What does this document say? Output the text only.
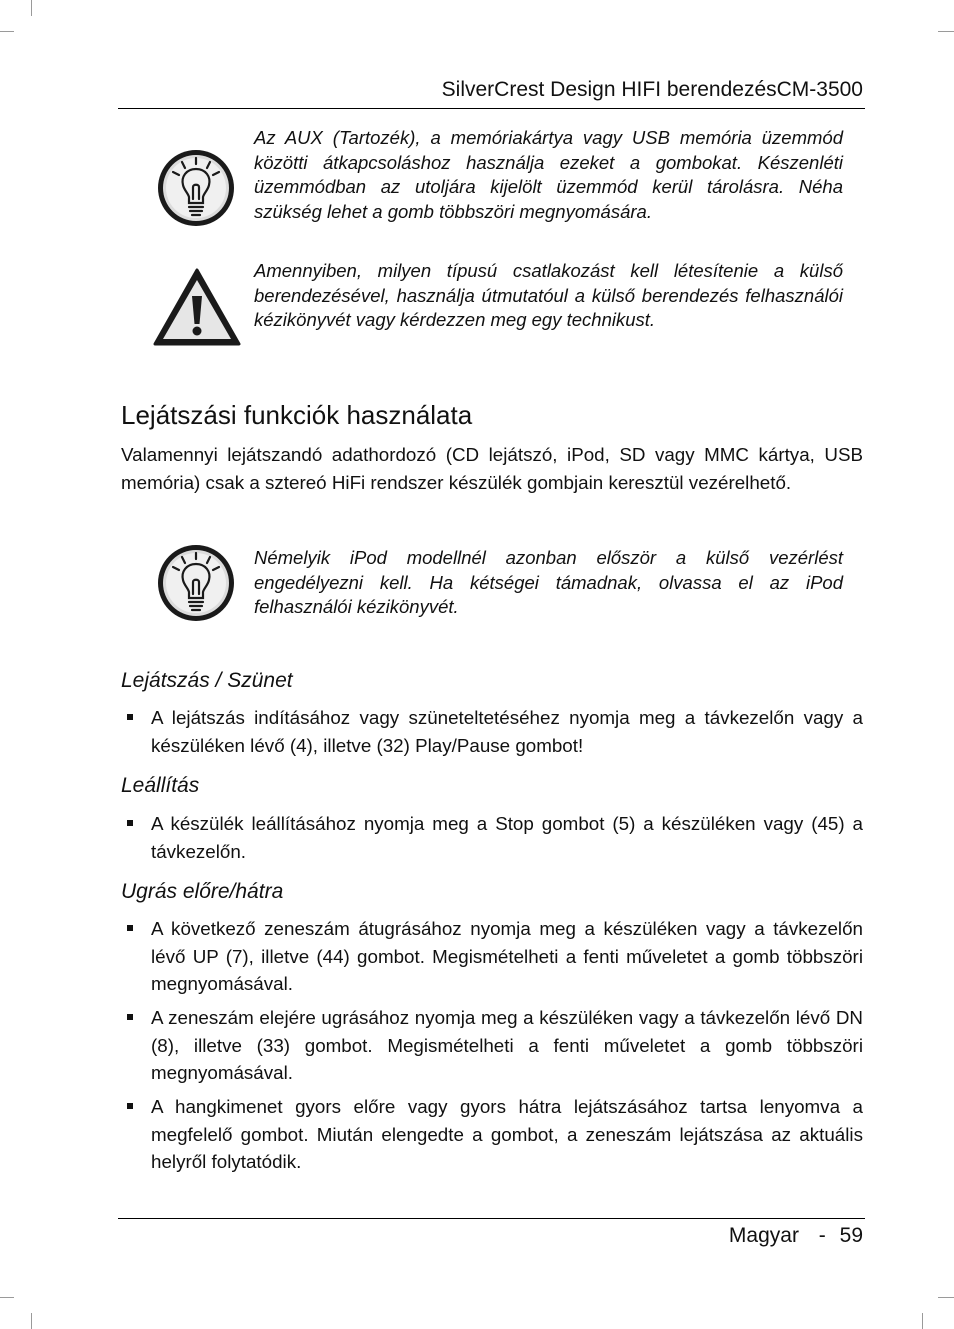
SilverCrest Design HIFI berendezésCM-3500

Az AUX (Tartozék), a memóriakártya vagy USB memória üzemmód közötti átkapcsoláshoz használja ezeket a gombokat. Készenléti üzemmódban az utoljára kijelölt üzemmód kerül tárolásra. Néha szükség lehet a gomb többszöri megnyomására.

Amennyiben, milyen típusú csatlakozást kell létesítenie a külső berendezésével, használja útmutatóul a külső berendezés felhasználói kézikönyvét vagy kérdezzen meg egy technikust.

Lejátszási funkciók használata

Valamennyi lejátszandó adathordozó (CD lejátszó, iPod, SD vagy MMC kártya, USB memória) csak a sztereó HiFi rendszer készülék gombjain keresztül vezérelhető.

Némelyik iPod modellnél azonban először a külső vezérlést engedélyezni kell. Ha kétségei támadnak, olvassa el az iPod felhasználói kézikönyvét.

Lejátszás / Szünet

A lejátszás indításához vagy szüneteltetéséhez nyomja meg a távkezelőn vagy a készüléken lévő (4), illetve (32) Play/Pause gombot!

Leállítás

A készülék leállításához nyomja meg a Stop gombot (5) a készüléken vagy (45) a távkezelőn.

Ugrás előre/hátra

A következő zeneszám átugrásához nyomja meg a készüléken vagy a távkezelőn lévő UP (7), illetve (44) gombot. Megismételheti a fenti műveletet a gomb többszöri megnyomásával.

A zeneszám elejére ugrásához nyomja meg a készüléken vagy a távkezelőn lévő DN (8), illetve (33) gombot. Megismételheti a fenti műveletet a gomb többszöri megnyomásával.

A hangkimenet gyors előre vagy gyors hátra lejátszásához tartsa lenyomva a megfelelő gombot. Miután elengedte a gombot, a zeneszám lejátszása az aktuális helyről folytatódik.

Magyar - 59
